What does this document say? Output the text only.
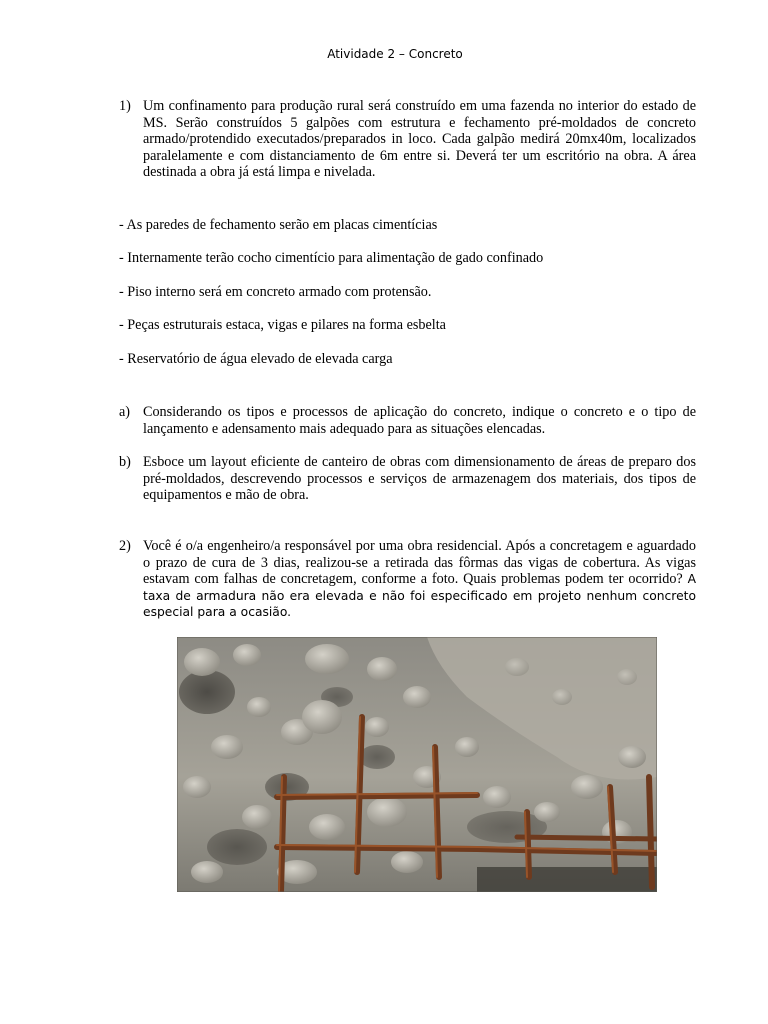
Atividade 2 – Concreto
1) Um confinamento para produção rural será construído em uma fazenda no interior do estado de MS. Serão construídos 5 galpões com estrutura e fechamento pré-moldados de concreto armado/protendido executados/preparados in loco. Cada galpão medirá 20mx40m, localizados paralelamente e com distanciamento de 6m entre si. Deverá ter um escritório na obra. A área destinada a obra já está limpa e nivelada.
- As paredes de fechamento serão em placas cimentícias
- Internamente terão cocho cimentício para alimentação de gado confinado
- Piso interno será em concreto armado com protensão.
- Peças estruturais estaca, vigas e pilares na forma esbelta
- Reservatório de água elevado de elevada carga
a) Considerando os tipos e processos de aplicação do concreto, indique o concreto e o tipo de lançamento e adensamento mais adequado para as situações elencadas.
b) Esboce um layout eficiente de canteiro de obras com dimensionamento de áreas de preparo dos pré-moldados, descrevendo processos e serviços de armazenagem dos materiais, dos tipos de equipamentos e mão de obra.
2) Você é o/a engenheiro/a responsável por uma obra residencial. Após a concretagem e aguardado o prazo de cura de 3 dias, realizou-se a retirada das fôrmas das vigas de cobertura. As vigas estavam com falhas de concretagem, conforme a foto. Quais problemas podem ter ocorrido? A taxa de armadura não era elevada e não foi especificado em projeto nenhum concreto especial para a ocasião.
